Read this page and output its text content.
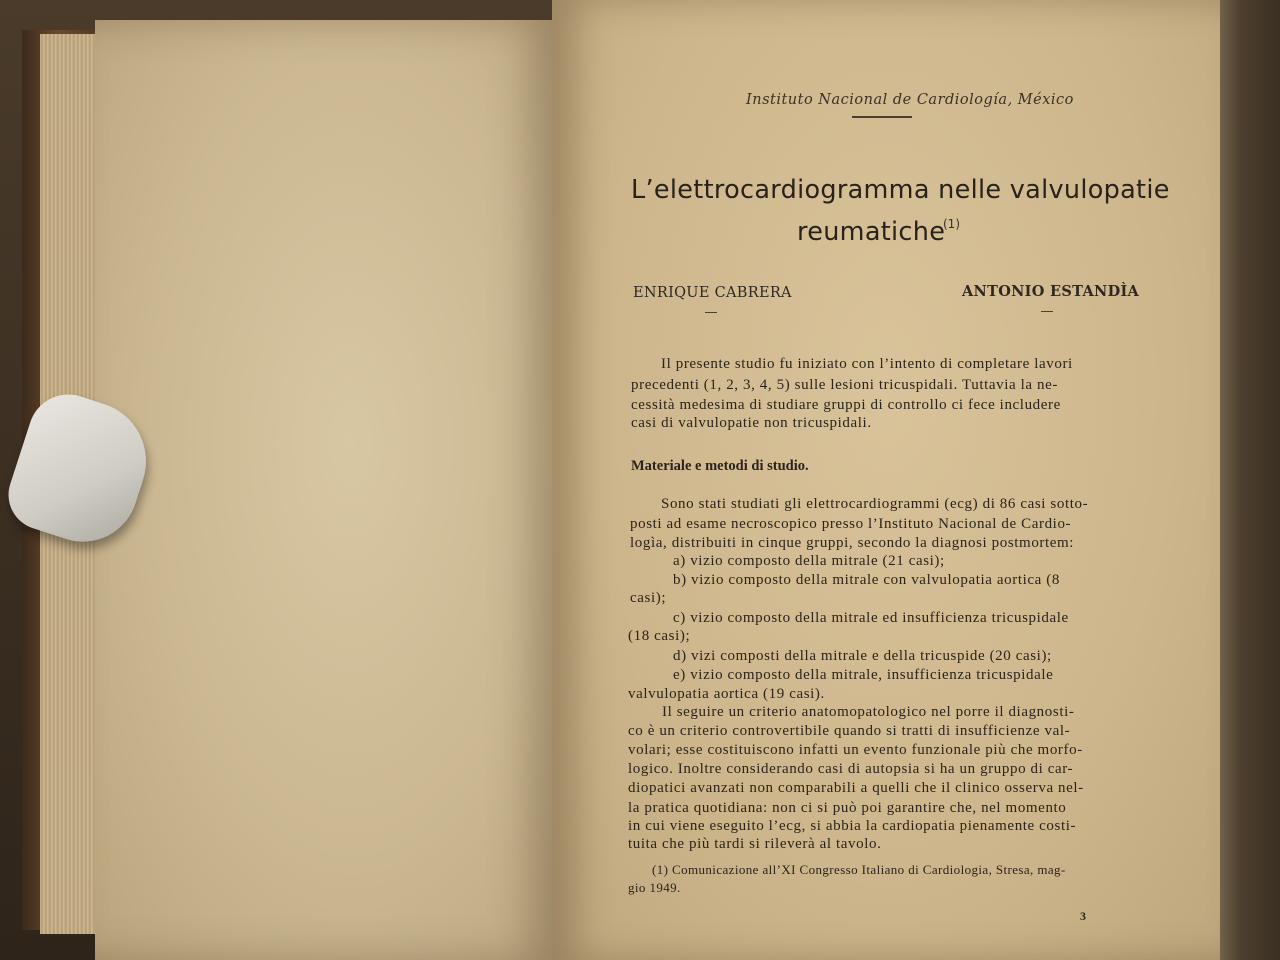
Instituto Nacional de Cardiología, México
L’elettrocardiogramma nelle valvulopatie
reumatiche
(1)
ENRIQUE CABRERA	ANTONIO ESTANDÌA
Il presente studio fu iniziato con l’intento di completare lavori
precedenti (1, 2, 3, 4, 5) sulle lesioni tricuspidali. Tuttavia la ne-
cessità medesima di studiare gruppi di controllo ci fece includere
casi di valvulopatie non tricuspidali.
Materiale e metodi di studio.
Sono stati studiati gli elettrocardiogrammi (ecg) di 86 casi sotto-
posti ad esame necroscopico presso l’Instituto Nacional de Cardio-
logìa, distribuiti in cinque gruppi, secondo la diagnosi postmortem:
a) vizio composto della mitrale (21 casi);
b) vizio composto della mitrale con valvulopatia aortica (8
casi);
c) vizio composto della mitrale ed insufficienza tricuspidale
(18 casi);
d) vizi composti della mitrale e della tricuspide (20 casi);
e) vizio composto della mitrale, insufficienza tricuspidale
valvulopatia aortica (19 casi).
Il seguire un criterio anatomopatologico nel porre il diagnosti-
co è un criterio controvertibile quando si tratti di insufficienze val-
volari; esse costituiscono infatti un evento funzionale più che morfo-
logico. Inoltre considerando casi di autopsia si ha un gruppo di car-
diopatici avanzati non comparabili a quelli che il clinico osserva nel-
la pratica quotidiana: non ci si può poi garantire che, nel momento
in cui viene eseguito l’ecg, si abbia la cardiopatia pienamente costi-
tuita che più tardi si rileverà al tavolo.
(1) Comunicazione all’XI Congresso Italiano di Cardiologia, Stresa, mag-
gio 1949.
3
